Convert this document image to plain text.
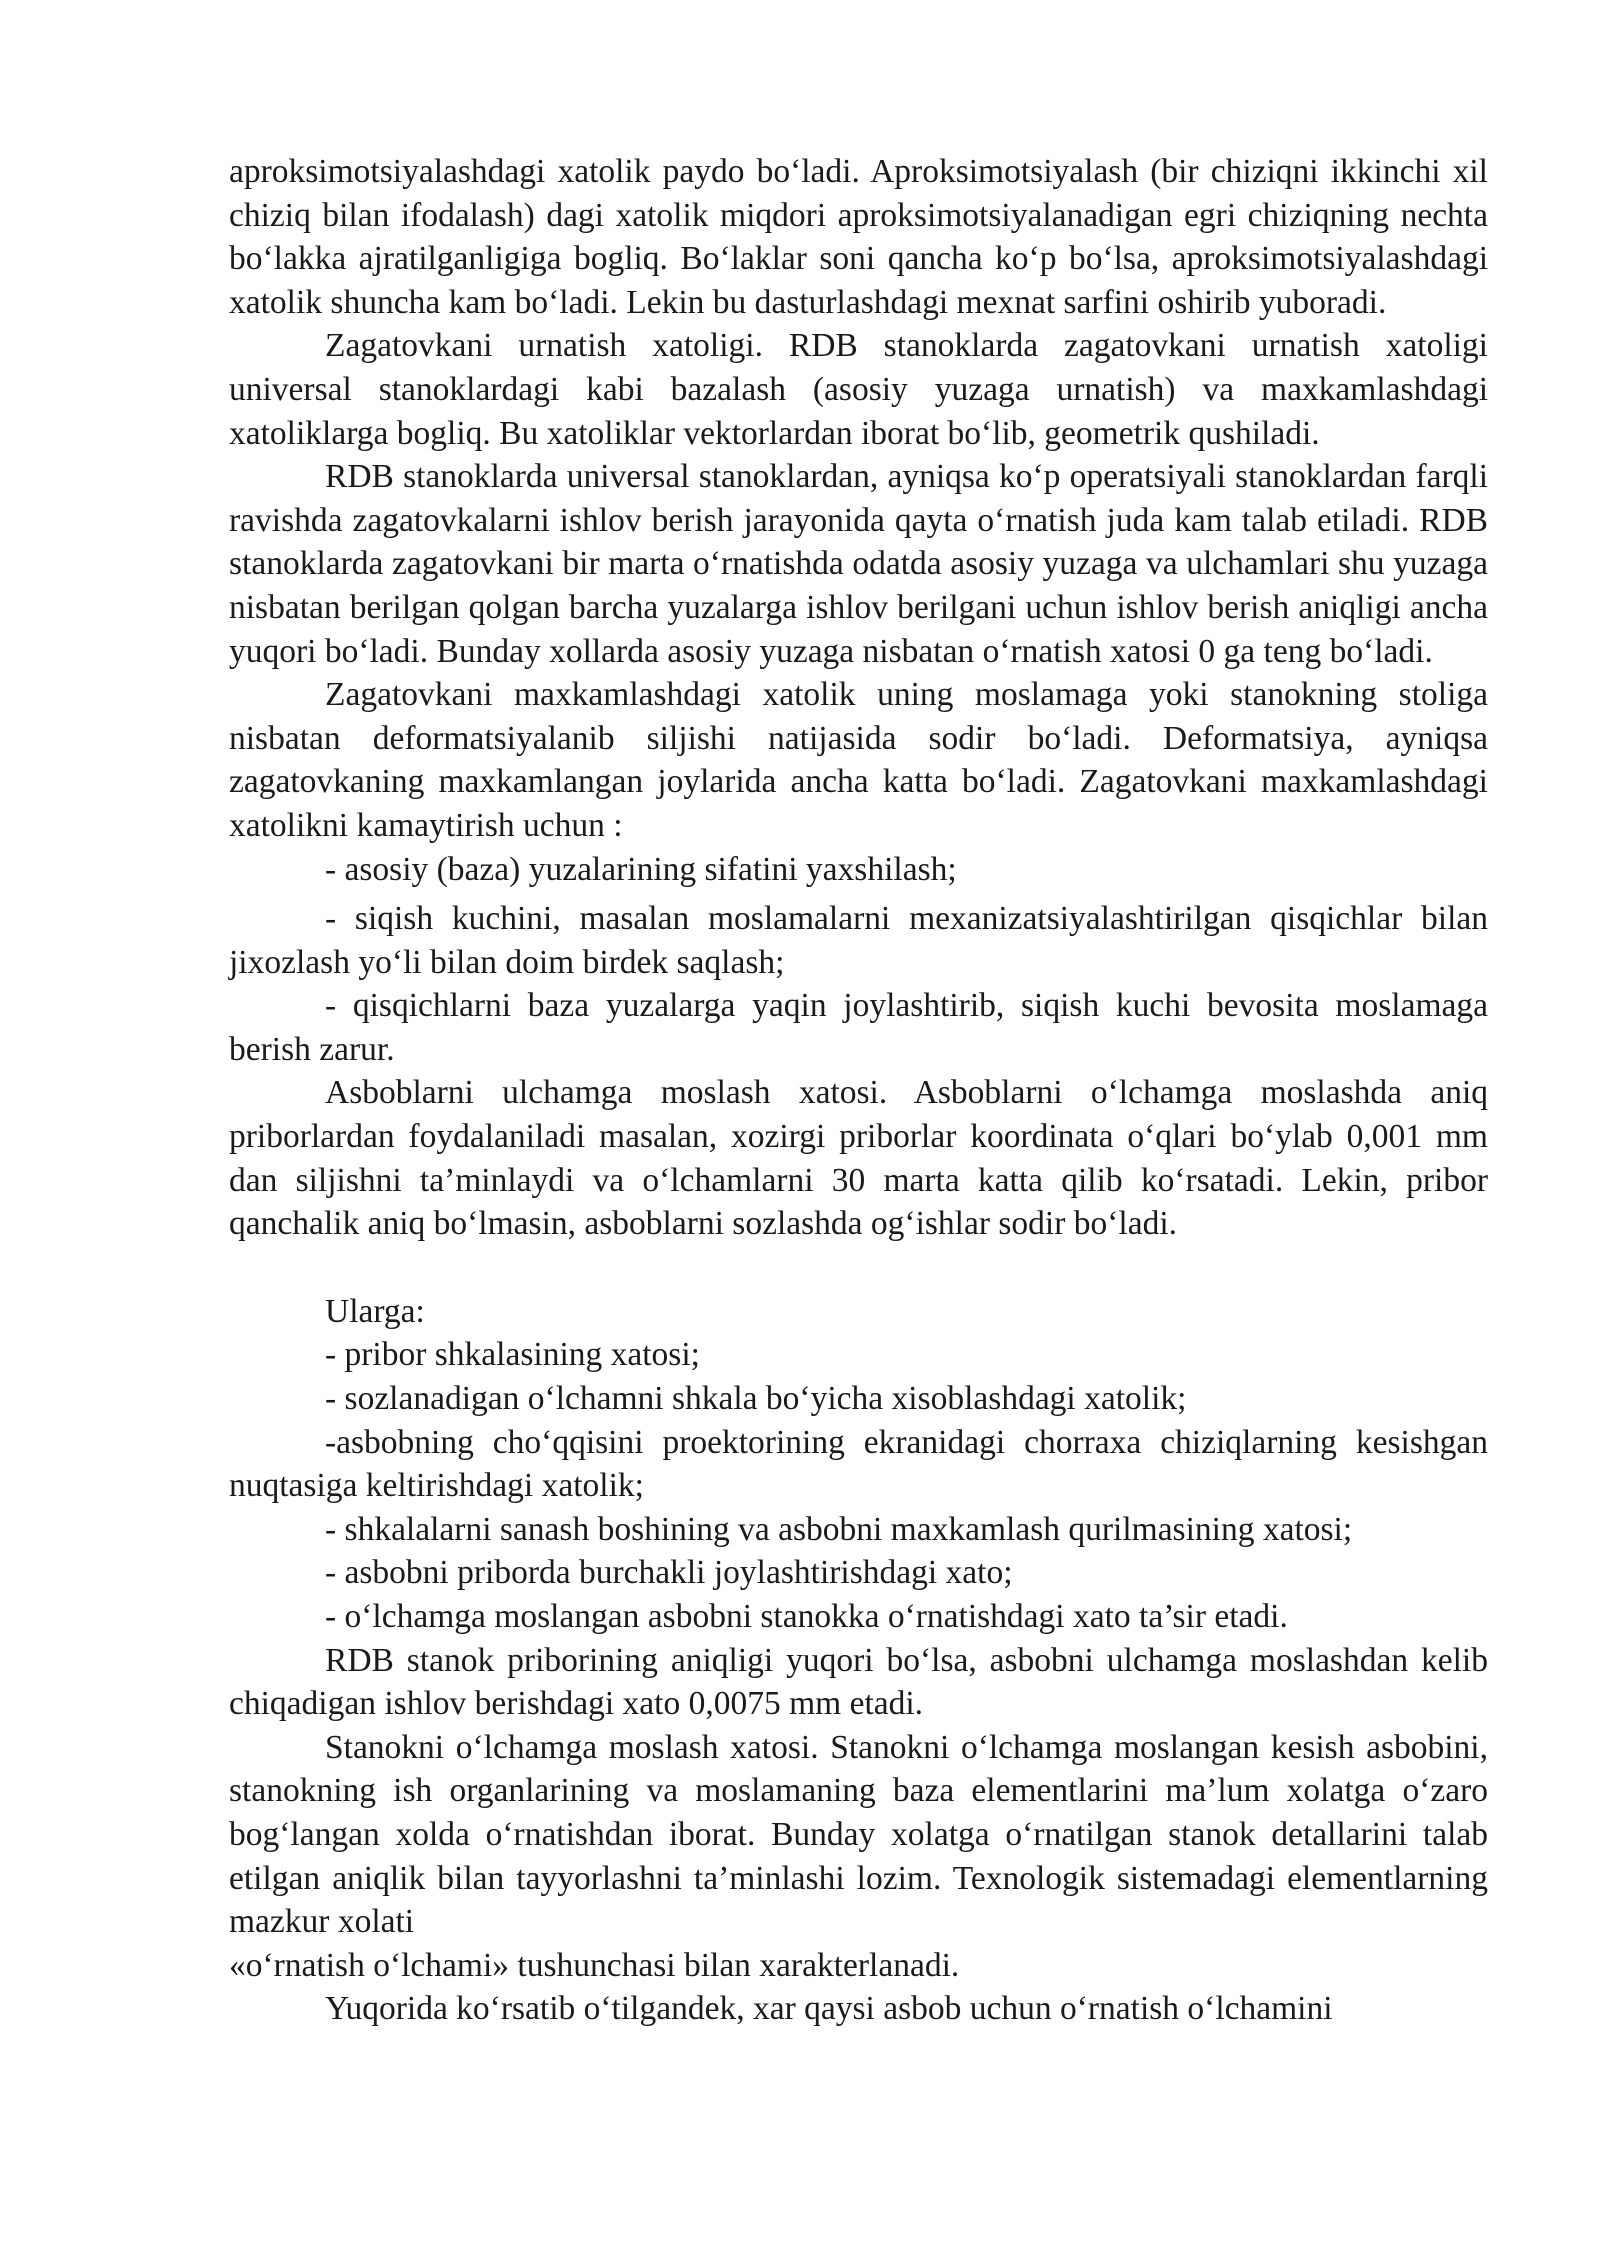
aproksimotsiyalashdagi xatolik paydo bo‘ladi. Aproksimotsiyalash (bir chiziqni ikkinchi xil chiziq bilan ifodalash) dagi xatolik miqdori aproksimotsiyalanadigan egri chiziqning nechta bo‘lakka ajratilganligiga bogliq. Bo‘laklar soni qancha ko‘p bo‘lsa, aproksimotsiyalashdagi xatolik shuncha kam bo‘ladi. Lekin bu dasturlashdagi mexnat sarfini oshirib yuboradi.

Zagatovkani urnatish xatoligi. RDB stanoklarda zagatovkani urnatish xatoligi universal stanoklardagi kabi bazalash (asosiy yuzaga urnatish) va maxkamlashdagi xatoliklarga bogliq. Bu xatoliklar vektorlardan iborat bo‘lib, geometrik qushiladi.

RDB stanoklarda universal stanoklardan, ayniqsa ko‘p operatsiyali stanoklardan farqli ravishda zagatovkalarni ishlov berish jarayonida qayta o‘rnatish juda kam talab etiladi. RDB stanoklarda zagatovkani bir marta o‘rnatishda odatda asosiy yuzaga va ulchamlari shu yuzaga nisbatan berilgan qolgan barcha yuzalarga ishlov berilgani uchun ishlov berish aniqligi ancha yuqori bo‘ladi. Bunday xollarda asosiy yuzaga nisbatan o‘rnatish xatosi 0 ga teng bo‘ladi.

Zagatovkani maxkamlashdagi xatolik uning moslamaga yoki stanokning stoliga nisbatan deformatsiyalanib siljishi natijasida sodir bo‘ladi. Deformatsiya, ayniqsa zagatovkaning maxkamlangan joylarida ancha katta bo‘ladi. Zagatovkani maxkamlashdagi xatolikni kamaytirish uchun :

- asosiy (baza) yuzalarining sifatini yaxshilash;

- siqish kuchini, masalan moslamalarni mexanizatsiyalashtirilgan qisqichlar bilan jixozlash yo‘li bilan doim birdek saqlash;

- qisqichlarni baza yuzalarga yaqin joylashtirib, siqish kuchi bevosita moslamaga berish zarur.

Asboblarni ulchamga moslash xatosi. Asboblarni o‘lchamga moslashda aniq priborlardan foydalaniladi masalan, xozirgi priborlar koordinata o‘qlari bo‘ylab 0,001 mm dan siljishni ta’minlaydi va o‘lchamlarni 30 marta katta qilib ko‘rsatadi. Lekin, pribor qanchalik aniq bo‘lmasin, asboblarni sozlashda og‘ishlar sodir bo‘ladi.

Ularga:

- pribor shkalasining xatosi;

- sozlanadigan o‘lchamni shkala bo‘yicha xisoblashdagi xatolik;

-asbobning cho‘qqisini proektorining ekranidagi chorraxa chiziqlarning kesishgan nuqtasiga keltirishdagi xatolik;

- shkalalarni sanash boshining va asbobni maxkamlash qurilmasining xatosi;

- asbobni priborda burchakli joylashtirishdagi xato;

- o‘lchamga moslangan asbobni stanokka o‘rnatishdagi xato ta’sir etadi.

RDB stanok priborining aniqligi yuqori bo‘lsa, asbobni ulchamga moslashdan kelib chiqadigan ishlov berishdagi xato 0,0075 mm etadi.

Stanokni o‘lchamga moslash xatosi. Stanokni o‘lchamga moslangan kesish asbobini, stanokning ish organlarining va moslamaning baza elementlarini ma’lum xolatga o‘zaro bog‘langan xolda o‘rnatishdan iborat. Bunday xolatga o‘rnatilgan stanok detallarini talab etilgan aniqlik bilan tayyorlashni ta’minlashi lozim. Texnologik sistemadagi elementlarning mazkur xolati

«o‘rnatish o‘lchami» tushunchasi bilan xarakterlanadi.

Yuqorida ko‘rsatib o‘tilgandek, xar qaysi asbob uchun o‘rnatish o‘lchamini
